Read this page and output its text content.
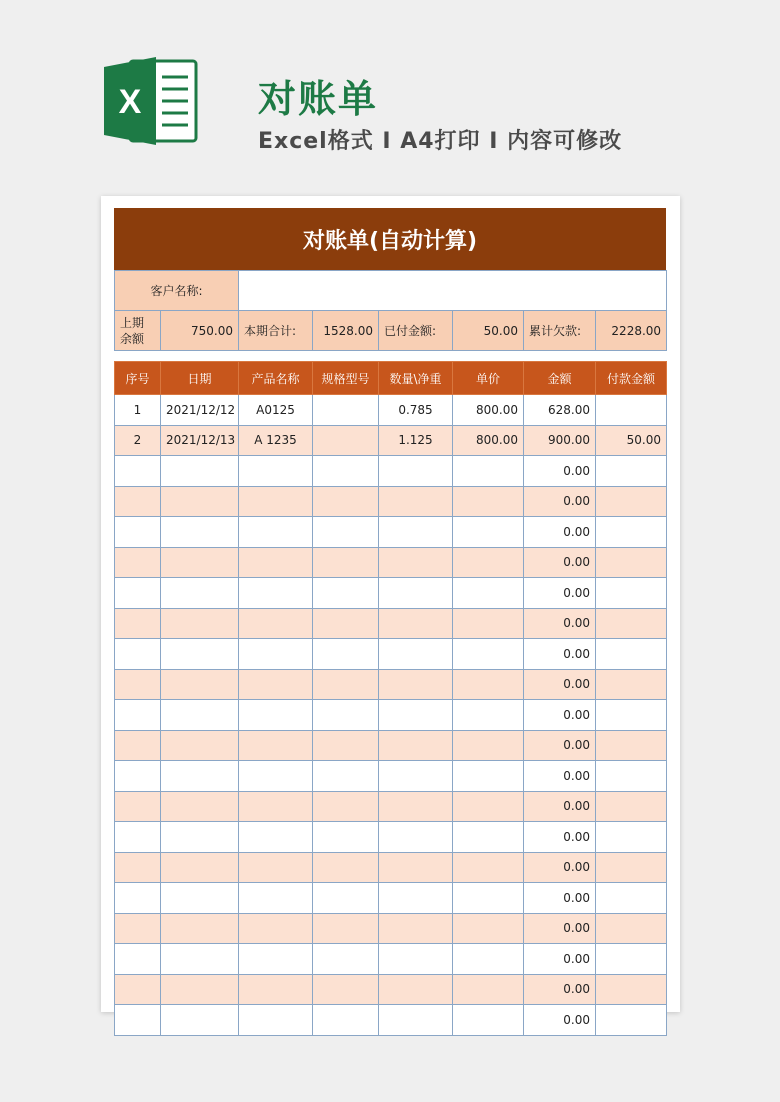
X	对账单
Excel格式 I A4打印 I 内容可修改
对账单(自动计算)
客户名称:							
上期余额	750.00	本期合计:	1528.00	已付金额:	50.00	累计欠款:	2228.00
序号	日期	产品名称	规格型号	数量\净重	单价	金额	付款金额
1	2021/12/12	A0125		0.785	800.00	628.00	
2	2021/12/13	A 1235		1.125	800.00	900.00	50.00
						0.00	
						0.00	
						0.00	
						0.00	
						0.00	
						0.00	
						0.00	
						0.00	
						0.00	
						0.00	
						0.00	
						0.00	
						0.00	
						0.00	
						0.00	
						0.00	
						0.00	
						0.00	
						0.00	
